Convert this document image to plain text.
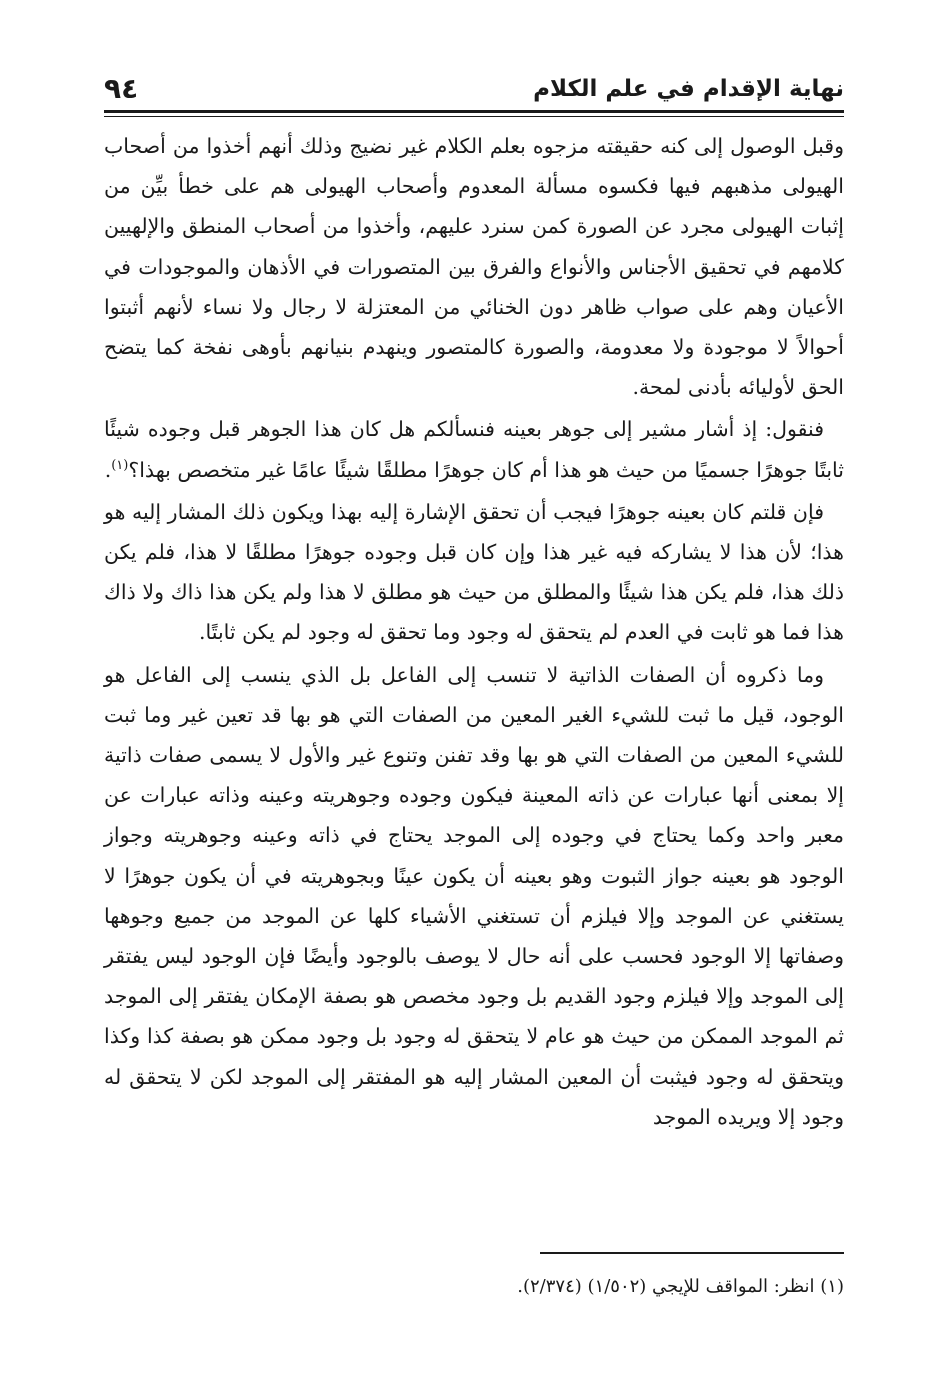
نهاية الإقدام في علم الكلام
٩٤

وقبل الوصول إلى كنه حقيقته مزجوه بعلم الكلام غير نضيج وذلك أنهم أخذوا من أصحاب الهيولى مذهبهم فيها فكسوه مسألة المعدوم وأصحاب الهيولى هم على خطأ بيِّن من إثبات الهيولى مجرد عن الصورة كمن سنرد عليهم، وأخذوا من أصحاب المنطق والإلهيين كلامهم في تحقيق الأجناس والأنواع والفرق بين المتصورات في الأذهان والموجودات في الأعيان وهم على صواب ظاهر دون الخنائي من المعتزلة لا رجال ولا نساء لأنهم أثبتوا أحوالاً لا موجودة ولا معدومة، والصورة كالمتصور وينهدم بنيانهم بأوهى نفخة كما يتضح الحق لأوليائه بأدنى لمحة.

فنقول: إذ أشار مشير إلى جوهر بعينه فنسألكم هل كان هذا الجوهر قبل وجوده شيئًا ثابتًا جوهرًا جسميًا من حيث هو هذا أم كان جوهرًا مطلقًا شيئًا عامًا غير متخصص بهذا؟$^{(١)}$.

فإن قلتم كان بعينه جوهرًا فيجب أن تحقق الإشارة إليه بهذا ويكون ذلك المشار إليه هو هذا؛ لأن هذا لا يشاركه فيه غير هذا وإن كان قبل وجوده جوهرًا مطلقًا لا هذا، فلم يكن ذلك هذا، فلم يكن هذا شيئًا والمطلق من حيث هو مطلق لا هذا ولم يكن هذا ذاك ولا ذاك هذا فما هو ثابت في العدم لم يتحقق له وجود وما تحقق له وجود لم يكن ثابتًا.

وما ذكروه أن الصفات الذاتية لا تنسب إلى الفاعل بل الذي ينسب إلى الفاعل هو الوجود، قيل ما ثبت للشيء الغير المعين من الصفات التي هو بها قد تعين غير وما ثبت للشيء المعين من الصفات التي هو بها وقد تفنن وتنوع غير والأول لا يسمى صفات ذاتية إلا بمعنى أنها عبارات عن ذاته المعينة فيكون وجوده وجوهريته وعينه وذاته عبارات عن معبر واحد وكما يحتاج في وجوده إلى الموجد يحتاج في ذاته وعينه وجوهريته وجواز الوجود هو بعينه جواز الثبوت وهو بعينه أن يكون عينًا وبجوهريته في أن يكون جوهرًا لا يستغني عن الموجد وإلا فيلزم أن تستغني الأشياء كلها عن الموجد من جميع وجوهها وصفاتها إلا الوجود فحسب على أنه حال لا يوصف بالوجود وأيضًا فإن الوجود ليس يفتقر إلى الموجد وإلا فيلزم وجود القديم بل وجود مخصص هو بصفة الإمكان يفتقر إلى الموجد ثم الموجد الممكن من حيث هو عام لا يتحقق له وجود بل وجود ممكن هو بصفة كذا وكذا ويتحقق له وجود فيثبت أن المعين المشار إليه هو المفتقر إلى الموجد لكن لا يتحقق له وجود إلا ويريده الموجد

(١) انظر: المواقف للإيجي (١/٥٠٢) (٢/٣٧٤).
